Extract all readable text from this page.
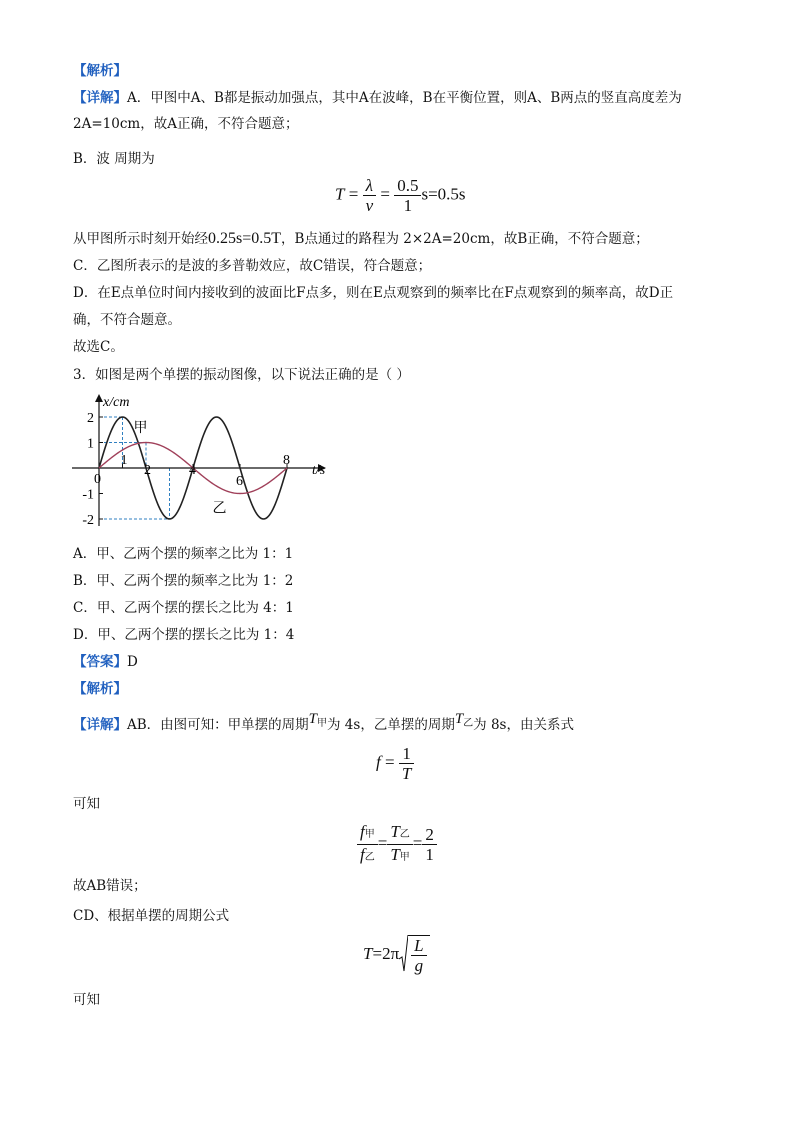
【解析】
【详解】A．甲图中A、B都是振动加强点，其中A在波峰，B在平衡位置，则A、B两点的竖直高度差为
2A=10cm，故A正确，不符合题意；
B．波 周期为
$T = \frac{\lambda}{v} = \frac{0.5}{1} s=0.5s$
从甲图所示时刻开始经0.25s=0.5T，B点通过的路程为 2×2A=20cm，故B正确，不符合题意；
C．乙图所表示的是波的多普勒效应，故C错误，符合题意；
D．在E点单位时间内接收到的波面比F点多，则在E点观察到的频率比在F点观察到的频率高，故D正
确，不符合题意。
故选C。
3．如图是两个单摆的振动图像，以下说法正确的是（ ）
0
1
2	4
6
8
2
1
-1
-2
x/cm
t/s
甲
乙
A．甲、乙两个摆的频率之比为 1：1
B．甲、乙两个摆的频率之比为 1：2
C．甲、乙两个摆的摆长之比为 4：1
D．甲、乙两个摆的摆长之比为 1：4
【答案】D
【解析】
【详解】AB．由图可知：甲单摆的周期$T^甲$为 4s，乙单摆的周期$T^乙$为 8s，由关系式
$f = \frac{1}{T}$
可知
$\frac{\text{f甲}}{\text{f乙}} = \frac{\text{T乙}}{\text{T甲}} = \frac{2}{1}$
故AB错误；
CD、根据单摆的周期公式
$T=2\pi \frac{L}{g}$
可知
